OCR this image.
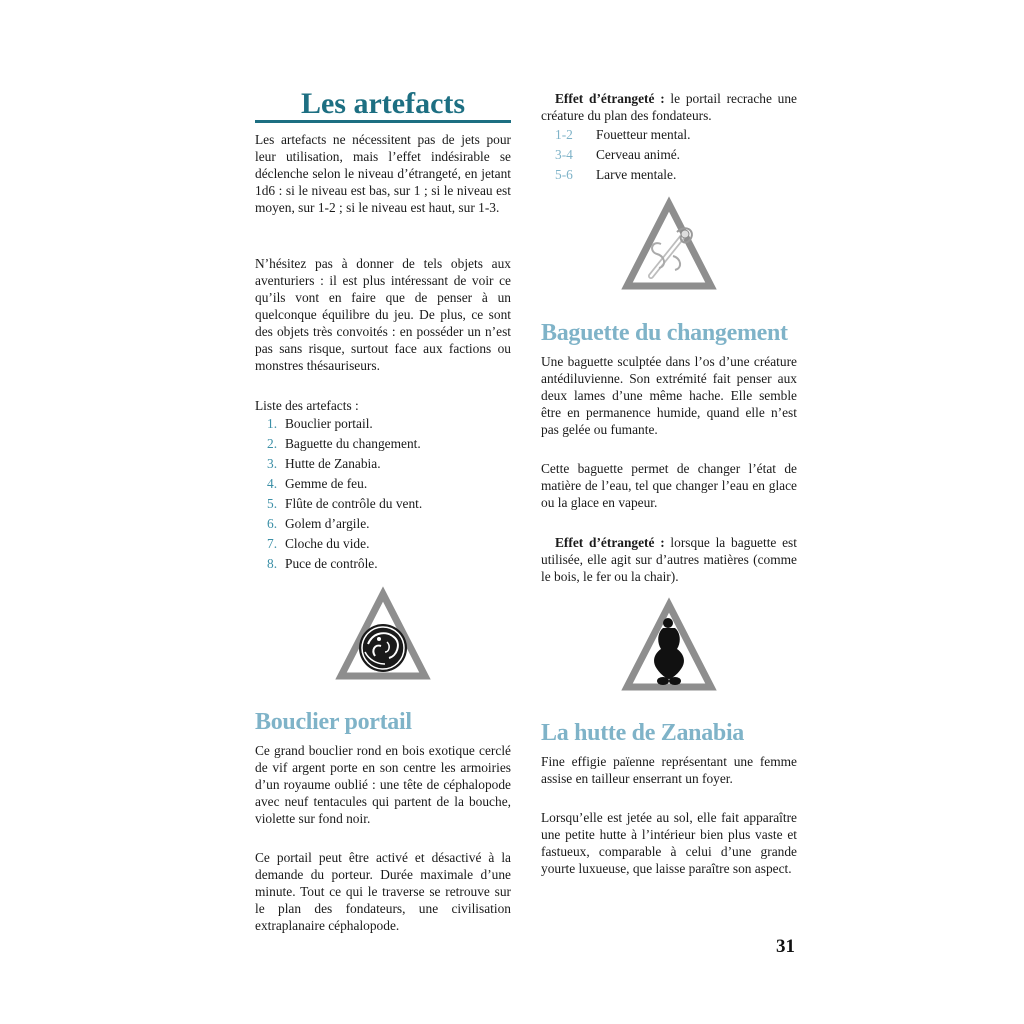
Les artefacts

Les artefacts ne nécessitent pas de jets pour leur utilisation, mais l’effet indésirable se déclenche selon le niveau d’étrangeté, en jetant 1d6 : si le niveau est bas, sur 1 ; si le niveau est moyen, sur 1-2 ; si le niveau est haut, sur 1-3.

N’hésitez pas à donner de tels objets aux aventuriers : il est plus intéressant de voir ce qu’ils vont en faire que de penser à un quelconque équilibre du jeu. De plus, ce sont des objets très convoités : en posséder un n’est pas sans risque, surtout face aux factions ou monstres thésauriseurs.

Liste des artefacts :

1. Bouclier portail.
2. Baguette du changement.
3. Hutte de Zanabia.
4. Gemme de feu.
5. Flûte de contrôle du vent.
6. Golem d’argile.
7. Cloche du vide.
8. Puce de contrôle.
Bouclier portail

Ce grand bouclier rond en bois exotique cerclé de vif argent porte en son centre les armoiries d’un royaume oublié : une tête de céphalopode avec neuf tentacules qui partent de la bouche, violette sur fond noir.

Ce portail peut être activé et désactivé à la demande du porteur. Durée maximale d’une minute. Tout ce qui le traverse se retrouve sur le plan des fondateurs, une civilisation extraplanaire céphalopode.

Effet d’étrangeté : le portail recrache une créature du plan des fondateurs.

1-2 Fouetteur mental.
3-4 Cerveau animé.
5-6 Larve mentale.
Baguette du changement

Une baguette sculptée dans l’os d’une créature antédiluvienne. Son extrémité fait penser aux deux lames d’une même hache. Elle semble être en permanence humide, quand elle n’est pas gelée ou fumante.

Cette baguette permet de changer l’état de matière de l’eau, tel que changer l’eau en glace ou la glace en vapeur.

Effet d’étrangeté : lorsque la baguette est utilisée, elle agit sur d’autres matières (comme le bois, le fer ou la chair).

La hutte de Zanabia

Fine effigie païenne représentant une femme assise en tailleur enserrant un foyer.

Lorsqu’elle est jetée au sol, elle fait apparaître une petite hutte à l’intérieur bien plus vaste et fastueux, comparable à celui d’une grande yourte luxueuse, que laisse paraître son aspect.

31
